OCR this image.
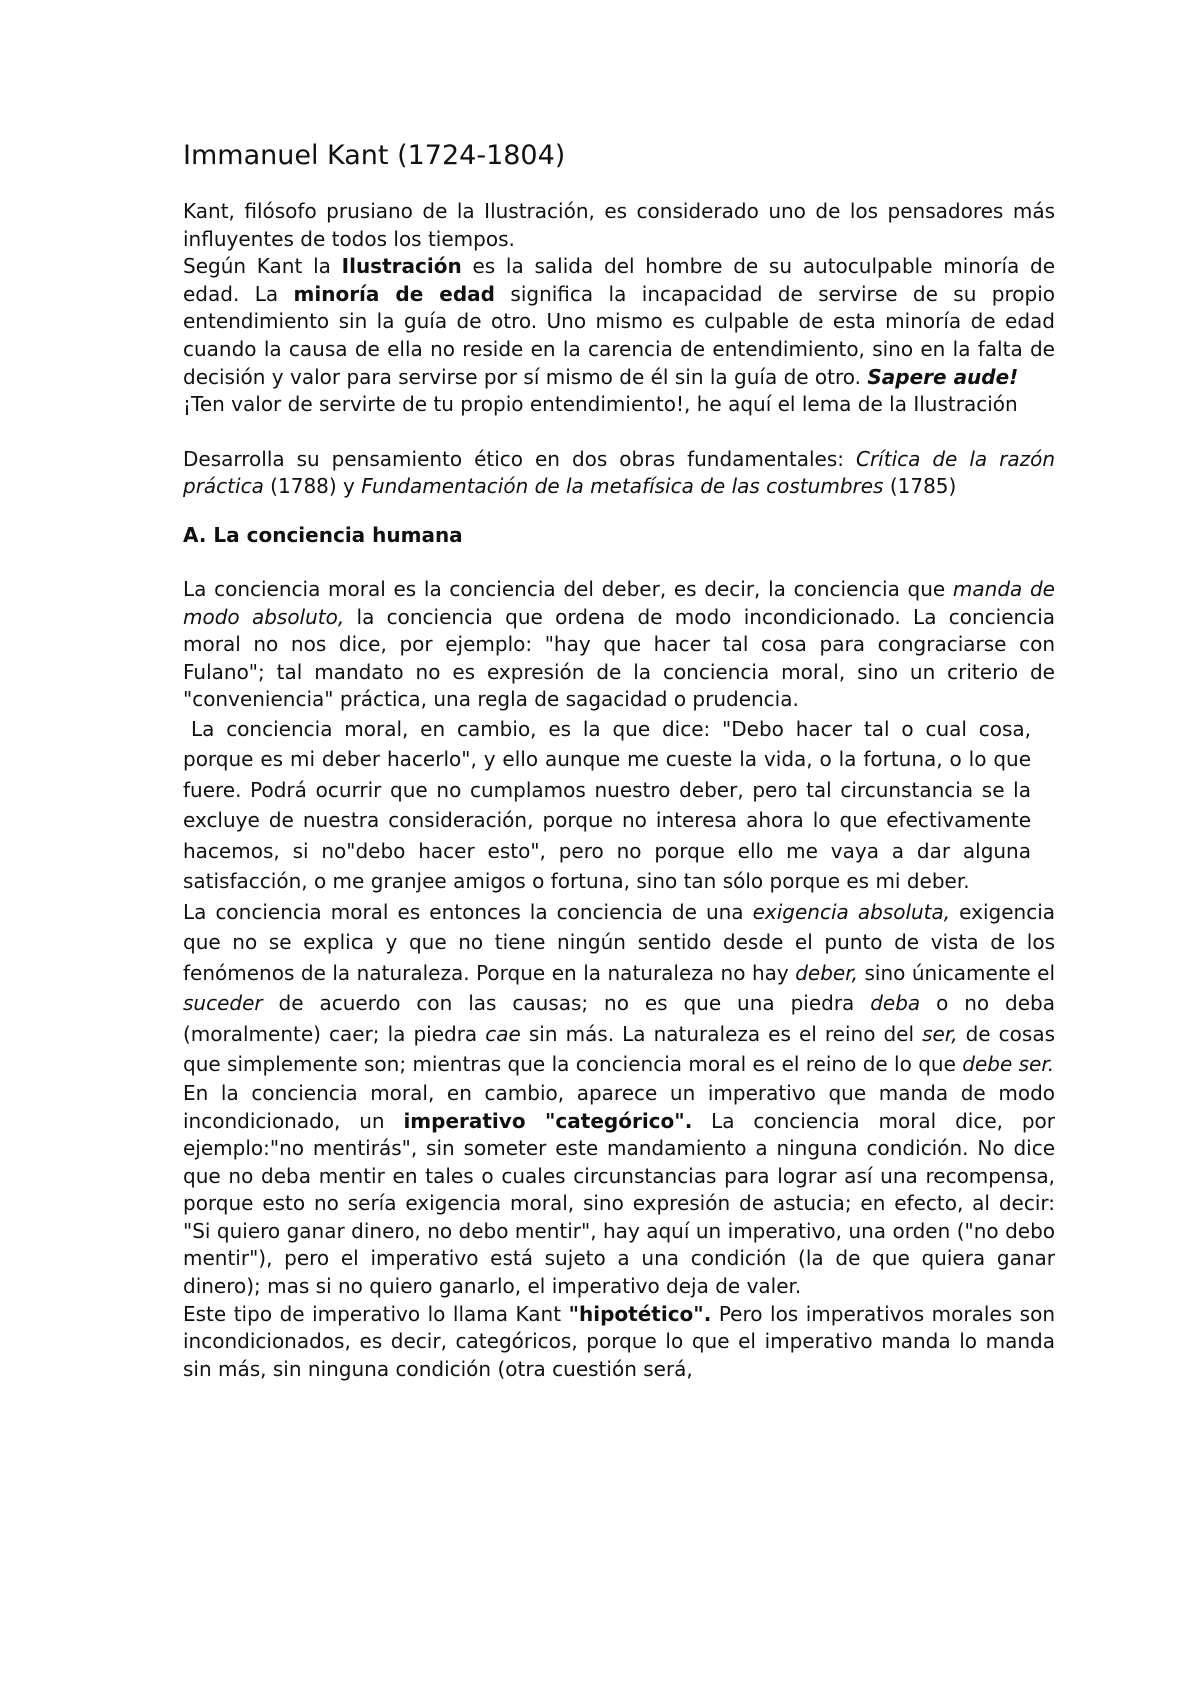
Immanuel Kant (1724-1804)

Kant, filósofo prusiano de la Ilustración, es considerado uno de los pensadores más influyentes de todos los tiempos.

Según Kant la Ilustración es la salida del hombre de su autoculpable minoría de edad. La minoría de edad significa la incapacidad de servirse de su propio entendimiento sin la guía de otro. Uno mismo es culpable de esta minoría de edad cuando la causa de ella no reside en la carencia de entendimiento, sino en la falta de decisión y valor para servirse por sí mismo de él sin la guía de otro. Sapere aude!

¡Ten valor de servirte de tu propio entendimiento!, he aquí el lema de la Ilustración

Desarrolla su pensamiento ético en dos obras fundamentales: Crítica de la razón práctica (1788) y Fundamentación de la metafísica de las costumbres (1785)

A. La conciencia humana

La conciencia moral es la conciencia del deber, es decir, la conciencia que manda de modo absoluto, la conciencia que ordena de modo incondicionado. La conciencia moral no nos dice, por ejemplo: "hay que hacer tal cosa para congraciarse con Fulano"; tal mandato no es expresión de la conciencia moral, sino un criterio de "conveniencia" práctica, una regla de sagacidad o prudencia.

La conciencia moral, en cambio, es la que dice: "Debo hacer tal o cual cosa, porque es mi deber hacerlo", y ello aunque me cueste la vida, o la fortuna, o lo que fuere. Podrá ocurrir que no cumplamos nuestro deber, pero tal circunstancia se la excluye de nuestra consideración, porque no interesa ahora lo que efectivamente hacemos, si no"debo hacer esto", pero no porque ello me vaya a dar alguna satisfacción, o me granjee amigos o fortuna, sino tan sólo porque es mi deber.

La conciencia moral es entonces la conciencia de una exigencia absoluta, exigencia que no se explica y que no tiene ningún sentido desde el punto de vista de los fenómenos de la naturaleza. Porque en la naturaleza no hay deber, sino únicamente el suceder de acuerdo con las causas; no es que una piedra deba o no deba (moralmente) caer; la piedra cae sin más. La naturaleza es el reino del ser, de cosas que simplemente son; mientras que la conciencia moral es el reino de lo que debe ser.

En la conciencia moral, en cambio, aparece un imperativo que manda de modo incondicionado, un imperativo "categórico". La conciencia moral dice, por ejemplo:"no mentirás", sin someter este mandamiento a ninguna condición. No dice que no deba mentir en tales o cuales circunstancias para lograr así una recompensa, porque esto no sería exigencia moral, sino expresión de astucia; en efecto, al decir: "Si quiero ganar dinero, no debo mentir", hay aquí un imperativo, una orden ("no debo mentir"), pero el imperativo está sujeto a una condición (la de que quiera ganar dinero); mas si no quiero ganarlo, el imperativo deja de valer.

Este tipo de imperativo lo llama Kant "hipotético". Pero los imperativos morales son incondicionados, es decir, categóricos, porque lo que el imperativo manda lo manda sin más, sin ninguna condición (otra cuestión será,
